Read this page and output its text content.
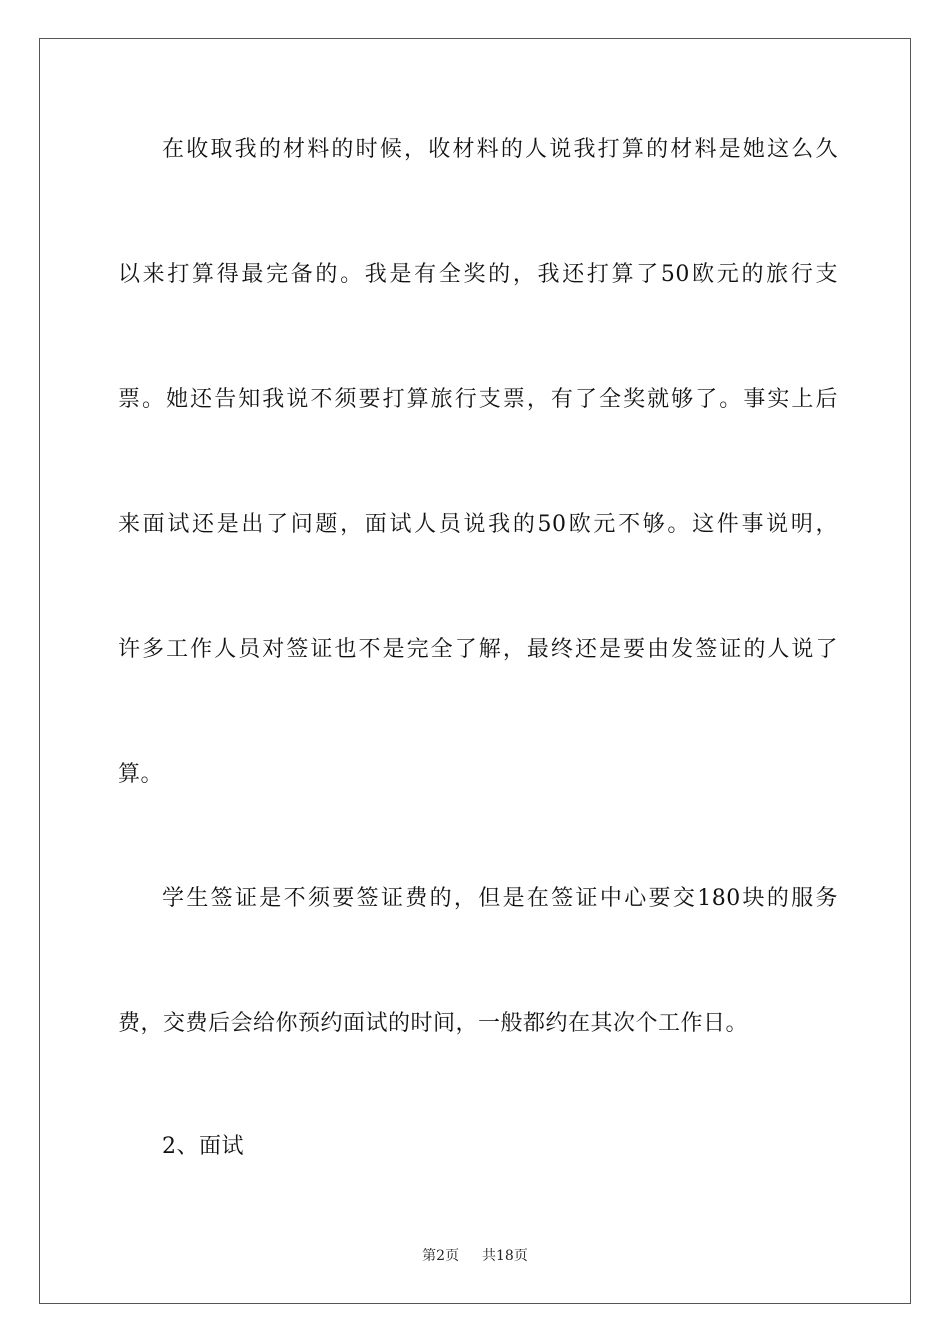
在收取我的材料的时候，收材料的人说我打算的材料是她这么久
以来打算得最完备的。我是有全奖的，我还打算了50欧元的旅行支
票。她还告知我说不须要打算旅行支票，有了全奖就够了。事实上后
来面试还是出了问题，面试人员说我的50欧元不够。这件事说明，
许多工作人员对签证也不是完全了解，最终还是要由发签证的人说了
算。
学生签证是不须要签证费的，但是在签证中心要交180块的服务
费，交费后会给你预约面试的时间，一般都约在其次个工作日。
2、面试
第2页 共18页
